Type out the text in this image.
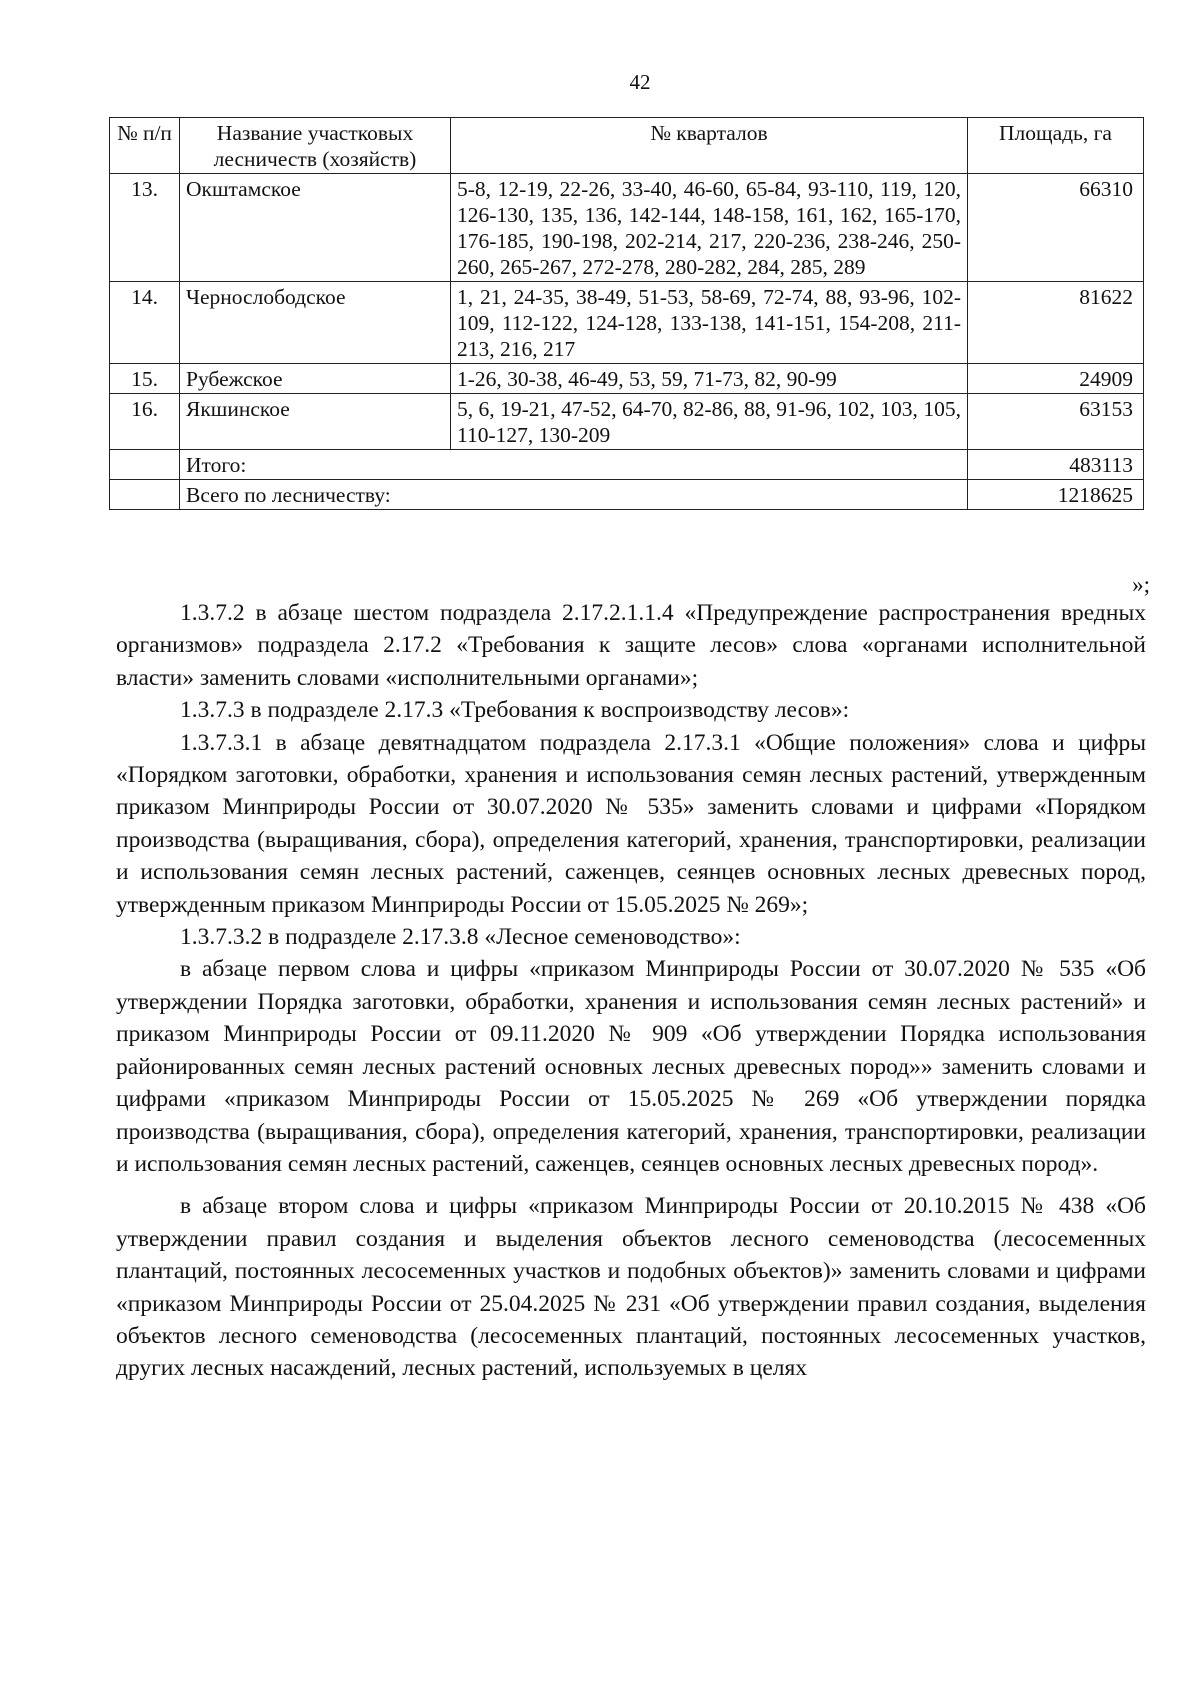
42
№ п/п	Название участковых лесничеств (хозяйств)	№ кварталов	Площадь, га
13.	Окштамское	5-8, 12-19, 22-26, 33-40, 46-60, 65-84, 93-110, 119, 120, 126-130, 135, 136, 142-144, 148-158, 161, 162, 165-170, 176-185, 190-198, 202-214, 217, 220-236, 238-246, 250-260, 265-267, 272-278, 280-282, 284, 285, 289	66310
14.	Чернослободское	1, 21, 24-35, 38-49, 51-53, 58-69, 72-74, 88, 93-96, 102- 109, 112-122, 124-128, 133-138, 141-151, 154-208, 211-213, 216, 217	81622
15.	Рубежское	1-26, 30-38, 46-49, 53, 59, 71-73, 82, 90-99	24909
16.	Якшинское	5, 6, 19-21, 47-52, 64-70, 82-86, 88, 91-96, 102, 103, 105, 110-127, 130-209	63153
	Итого:		483113
	Всего по лесничеству:		1218625
»;

1.3.7.2 в абзаце шестом подраздела 2.17.2.1.1.4 «Предупреждение распространения вредных организмов» подраздела 2.17.2 «Требования к защите лесов» слова «органами исполнительной власти» заменить словами «исполнительными органами»;

1.3.7.3 в подразделе 2.17.3 «Требования к воспроизводству лесов»:

1.3.7.3.1 в абзаце девятнадцатом подраздела 2.17.3.1 «Общие положения» слова и цифры «Порядком заготовки, обработки, хранения и использования семян лесных растений, утвержденным приказом Минприроды России от 30.07.2020 № 535» заменить словами и цифрами «Порядком производства (выращивания, сбора), определения категорий, хранения, транспортировки, реализации и использования семян лесных растений, саженцев, сеянцев основных лесных древесных пород, утвержденным приказом Минприроды России от 15.05.2025 № 269»;

1.3.7.3.2 в подразделе 2.17.3.8 «Лесное семеноводство»:

в абзаце первом слова и цифры «приказом Минприроды России от 30.07.2020 № 535 «Об утверждении Порядка заготовки, обработки, хранения и использования семян лесных растений» и приказом Минприроды России от 09.11.2020 № 909 «Об утверждении Порядка использования районированных семян лесных растений основных лесных древесных пород»» заменить словами и цифрами «приказом Минприроды России от 15.05.2025 № 269 «Об утверждении порядка производства (выращивания, сбора), определения категорий, хранения, транспортировки, реализации и использования семян лесных растений, саженцев, сеянцев основных лесных древесных пород».

в абзаце втором слова и цифры «приказом Минприроды России от 20.10.2015 № 438 «Об утверждении правил создания и выделения объектов лесного семеноводства (лесосеменных плантаций, постоянных лесосеменных участков и подобных объектов)» заменить словами и цифрами «приказом Минприроды России от 25.04.2025 № 231 «Об утверждении правил создания, выделения объектов лесного семеноводства (лесосеменных плантаций, постоянных лесосеменных участков, других лесных насаждений, лесных растений, используемых в целях
